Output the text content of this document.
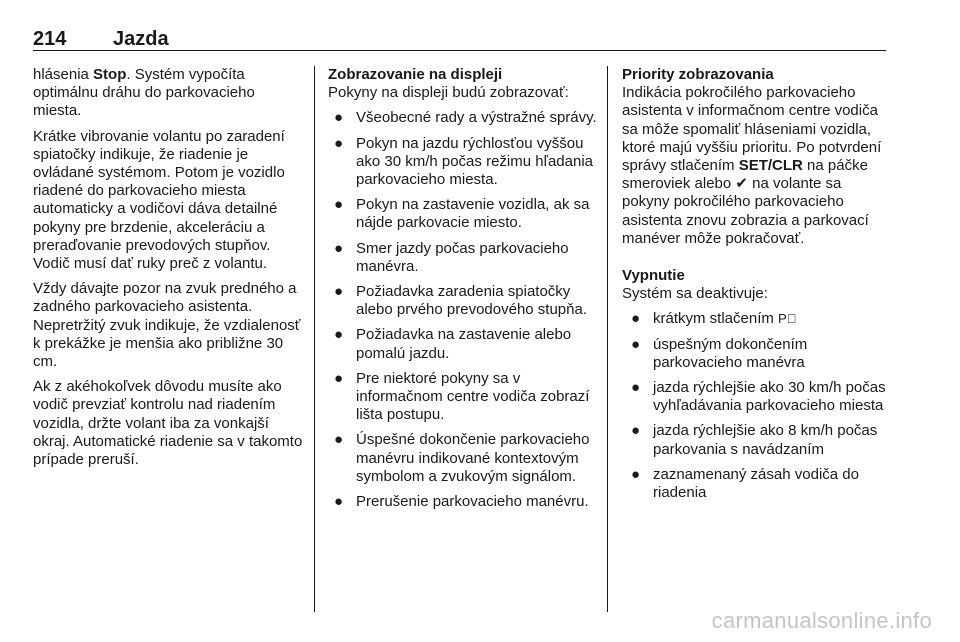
214 Jazda

hlásenia Stop. Systém vypočíta optimálnu dráhu do parkovacieho miesta.

Krátke vibrovanie volantu po zaradení spiatočky indikuje, že riadenie je ovládané systémom. Potom je vozidlo riadené do parkovacieho miesta automaticky a vodičovi dáva detailné pokyny pre brzdenie, akceleráciu a preraďovanie prevodových stupňov. Vodič musí dať ruky preč z volantu.

Vždy dávajte pozor na zvuk predného a zadného parkovacieho asistenta. Nepretržitý zvuk indikuje, že vzdialenosť k prekážke je menšia ako približne 30 cm.

Ak z akéhokoľvek dôvodu musíte ako vodič prevziať kontrolu nad riadením vozidla, držte volant iba za vonkajší okraj. Automatické riadenie sa v takomto prípade preruší.

Zobrazovanie na displeji

Pokyny na displeji budú zobrazovať:

● Všeobecné rady a výstražné správy.
● Pokyn na jazdu rýchlosťou vyššou ako 30 km/h počas režimu hľadania parkovacieho miesta.
● Pokyn na zastavenie vozidla, ak sa nájde parkovacie miesto.
● Smer jazdy počas parkovacieho manévra.
● Požiadavka zaradenia spiatočky alebo prvého prevodového stupňa.
● Požiadavka na zastavenie alebo pomalú jazdu.
● Pre niektoré pokyny sa v informačnom centre vodiča zobrazí lišta postupu.
● Úspešné dokončenie parkovacieho manévru indikované kontextovým symbolom a zvukovým signálom.
● Prerušenie parkovacieho manévru.

Priority zobrazovania

Indikácia pokročilého parkovacieho asistenta v informačnom centre vodiča sa môže spomaliť hláseniami vozidla, ktoré majú vyššiu prioritu. Po potvrdení správy stlačením SET/CLR na páčke smeroviek alebo ✔ na volante sa pokyny pokročilého parkovacieho asistenta znovu zobrazia a parkovací manéver môže pokračovať.

Vypnutie

Systém sa deaktivuje:

● krátkym stlačením P⃞
● úspešným dokončením parkovacieho manévra
● jazda rýchlejšie ako 30 km/h počas vyhľadávania parkovacieho miesta
● jazda rýchlejšie ako 8 km/h počas parkovania s navádzaním
● zaznamenaný zásah vodiča do riadenia
carmanualsonline.info
